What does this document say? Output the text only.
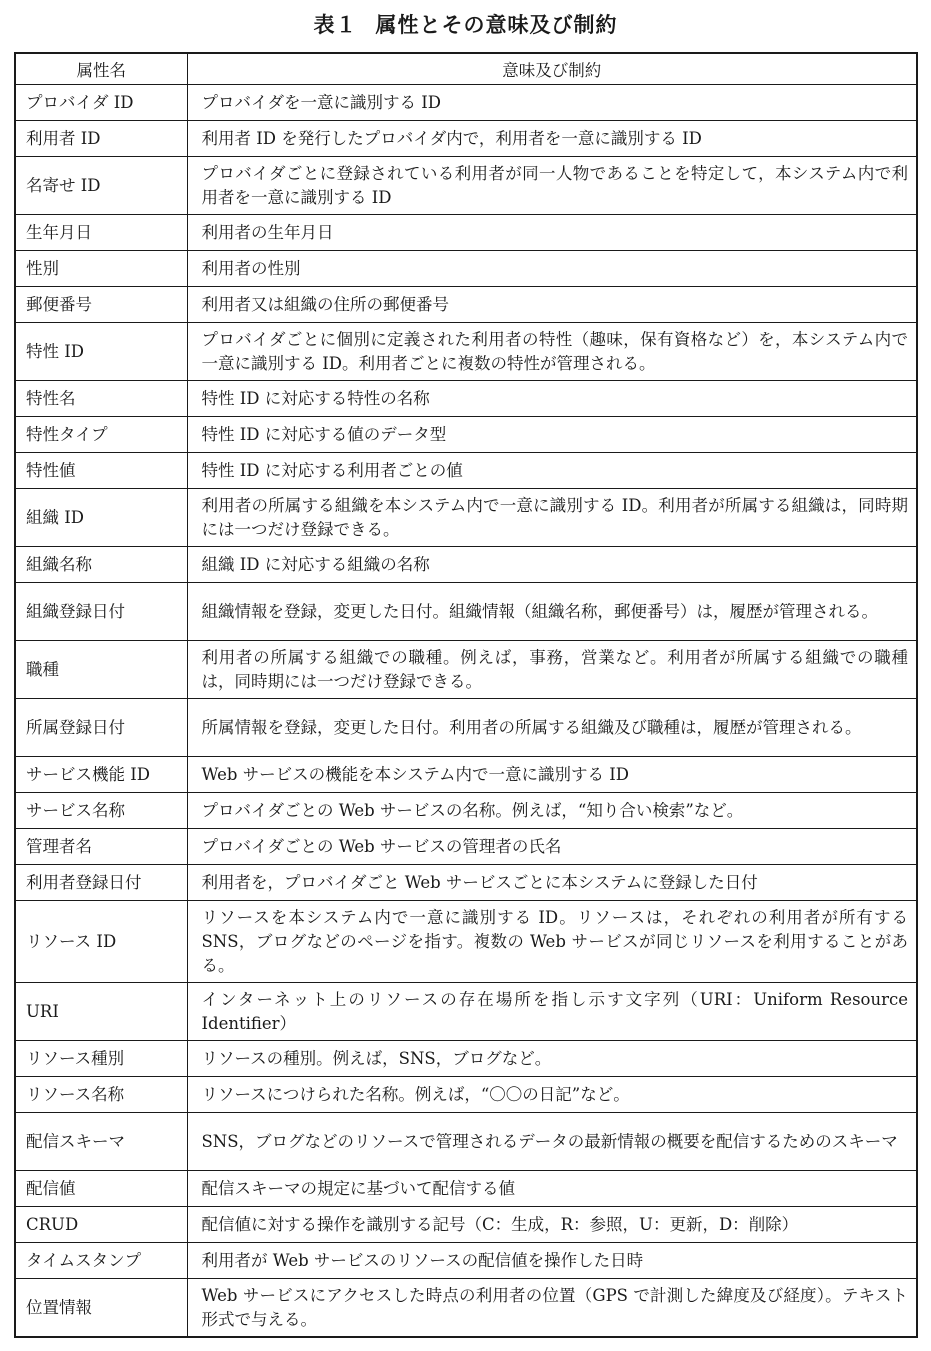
表１ 属性とその意味及び制約
属性名	意味及び制約
プロバイダ ID	プロバイダを一意に識別する ID
利用者 ID	利用者 ID を発行したプロバイダ内で，利用者を一意に識別する ID
名寄せ ID	プロバイダごとに登録されている利用者が同一人物であることを特定して，本システム内で利用者を一意に識別する ID
生年月日	利用者の生年月日
性別	利用者の性別
郵便番号	利用者又は組織の住所の郵便番号
特性 ID	プロバイダごとに個別に定義された利用者の特性（趣味，保有資格など）を，本システム内で一意に識別する ID。利用者ごとに複数の特性が管理される。
特性名	特性 ID に対応する特性の名称
特性タイプ	特性 ID に対応する値のデータ型
特性値	特性 ID に対応する利用者ごとの値
組織 ID	利用者の所属する組織を本システム内で一意に識別する ID。利用者が所属する組織は，同時期には一つだけ登録できる。
組織名称	組織 ID に対応する組織の名称
組織登録日付	組織情報を登録，変更した日付。組織情報（組織名称，郵便番号）は，履歴が管理される。
職種	利用者の所属する組織での職種。例えば，事務，営業など。利用者が所属する組織での職種は，同時期には一つだけ登録できる。
所属登録日付	所属情報を登録，変更した日付。利用者の所属する組織及び職種は，履歴が管理される。
サービス機能 ID	Web サービスの機能を本システム内で一意に識別する ID
サービス名称	プロバイダごとの Web サービスの名称。例えば，“知り合い検索”など。
管理者名	プロバイダごとの Web サービスの管理者の氏名
利用者登録日付	利用者を，プロバイダごと Web サービスごとに本システムに登録した日付
リソース ID	リソースを本システム内で一意に識別する ID。リソースは，それぞれの利用者が所有する SNS，ブログなどのページを指す。複数の Web サービスが同じリソースを利用することがある。
URI	インターネット上のリソースの存在場所を指し示す文字列（URI：Uniform Resource Identifier）
リソース種別	リソースの種別。例えば，SNS，ブログなど。
リソース名称	リソースにつけられた名称。例えば，“〇〇の日記”など。
配信スキーマ	SNS，ブログなどのリソースで管理されるデータの最新情報の概要を配信するためのスキーマ
配信値	配信スキーマの規定に基づいて配信する値
CRUD	配信値に対する操作を識別する記号（C：生成，R：参照，U：更新，D：削除）
タイムスタンプ	利用者が Web サービスのリソースの配信値を操作した日時
位置情報	Web サービスにアクセスした時点の利用者の位置（GPS で計測した緯度及び経度）。テキスト形式で与える。
